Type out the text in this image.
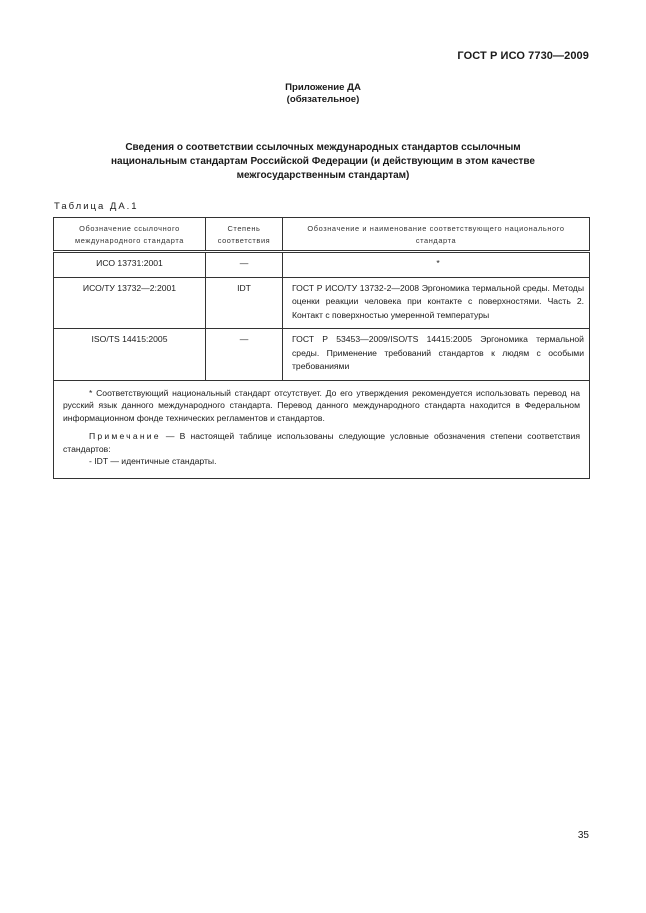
ГОСТ Р ИСО 7730—2009
Приложение ДА
(обязательное)
Сведения о соответствии ссылочных международных стандартов ссылочным
национальным стандартам Российской Федерации (и действующим в этом качестве
межгосударственным стандартам)
Таблица ДА.1
Обозначение ссылочного международного стандарта	Степень соответствия	Обозначение и наименование соответствующего национального стандарта
ИСО 13731:2001	—	*
ИСО/ТУ 13732—2:2001	IDT	ГОСТ Р ИСО/ТУ 13732-2—2008 Эргономика термальной среды. Методы оценки реакции человека при контакте с поверхностями. Часть 2. Контакт с поверхностью умеренной температуры
ISO/TS 14415:2005	—	ГОСТ Р 53453—2009/ISO/TS 14415:2005 Эргономика термальной среды. Применение требований стандартов к людям с особыми требованиями

* Соответствующий национальный стандарт отсутствует. До его утверждения рекомендуется использовать перевод на русский язык данного международного стандарта. Перевод данного международного стандарта находится в Федеральном информационном фонде технических регламентов и стандартов.

Примечание — В настоящей таблице использованы следующие условные обозначения степени соответствия стандартов:

- IDT — идентичные стандарты.

35
